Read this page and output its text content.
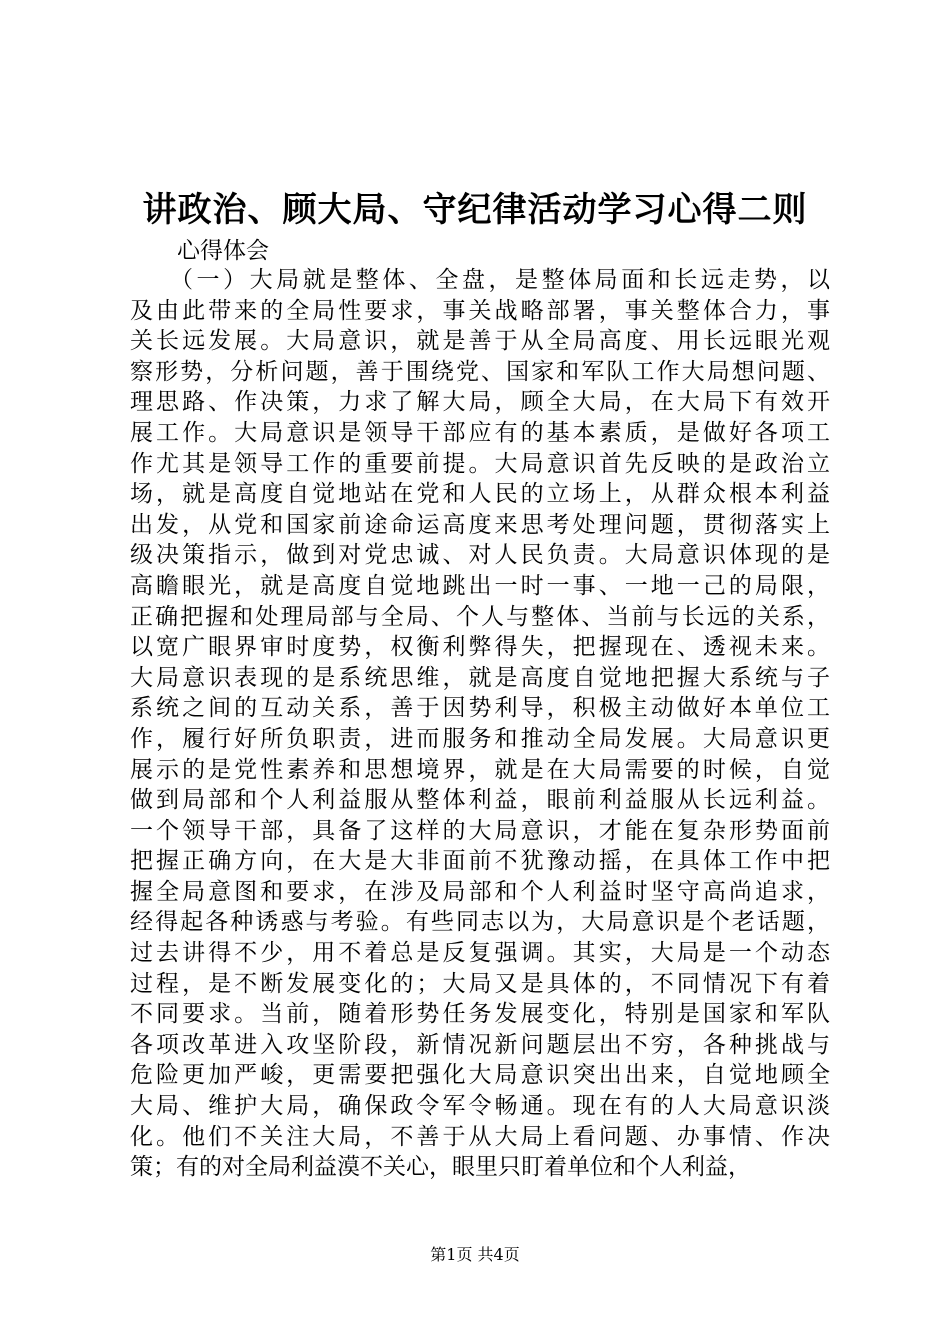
讲政治、顾大局、守纪律活动学习心得二则

心得体会

（一）大局就是整体、全盘，是整体局面和长远走势，以
及由此带来的全局性要求，事关战略部署，事关整体合力，事
关长远发展。大局意识，就是善于从全局高度、用长远眼光观
察形势，分析问题，善于围绕党、国家和军队工作大局想问题、
理思路、作决策，力求了解大局，顾全大局，在大局下有效开
展工作。大局意识是领导干部应有的基本素质，是做好各项工
作尤其是领导工作的重要前提。大局意识首先反映的是政治立
场，就是高度自觉地站在党和人民的立场上，从群众根本利益
出发，从党和国家前途命运高度来思考处理问题，贯彻落实上
级决策指示，做到对党忠诚、对人民负责。大局意识体现的是
高瞻眼光，就是高度自觉地跳出一时一事、一地一己的局限，
正确把握和处理局部与全局、个人与整体、当前与长远的关系，
以宽广眼界审时度势，权衡利弊得失，把握现在、透视未来。
大局意识表现的是系统思维，就是高度自觉地把握大系统与子
系统之间的互动关系，善于因势利导，积极主动做好本单位工
作，履行好所负职责，进而服务和推动全局发展。大局意识更
展示的是党性素养和思想境界，就是在大局需要的时候，自觉
做到局部和个人利益服从整体利益，眼前利益服从长远利益。
一个领导干部，具备了这样的大局意识，才能在复杂形势面前
把握正确方向，在大是大非面前不犹豫动摇，在具体工作中把
握全局意图和要求，在涉及局部和个人利益时坚守高尚追求，
经得起各种诱惑与考验。有些同志以为，大局意识是个老话题，
过去讲得不少，用不着总是反复强调。其实，大局是一个动态
过程，是不断发展变化的；大局又是具体的，不同情况下有着
不同要求。当前，随着形势任务发展变化，特别是国家和军队
各项改革进入攻坚阶段，新情况新问题层出不穷，各种挑战与
危险更加严峻，更需要把强化大局意识突出出来，自觉地顾全
大局、维护大局，确保政令军令畅通。现在有的人大局意识淡
化。他们不关注大局，不善于从大局上看问题、办事情、作决
策；有的对全局利益漠不关心，眼里只盯着单位和个人利益，

第1页 共4页
